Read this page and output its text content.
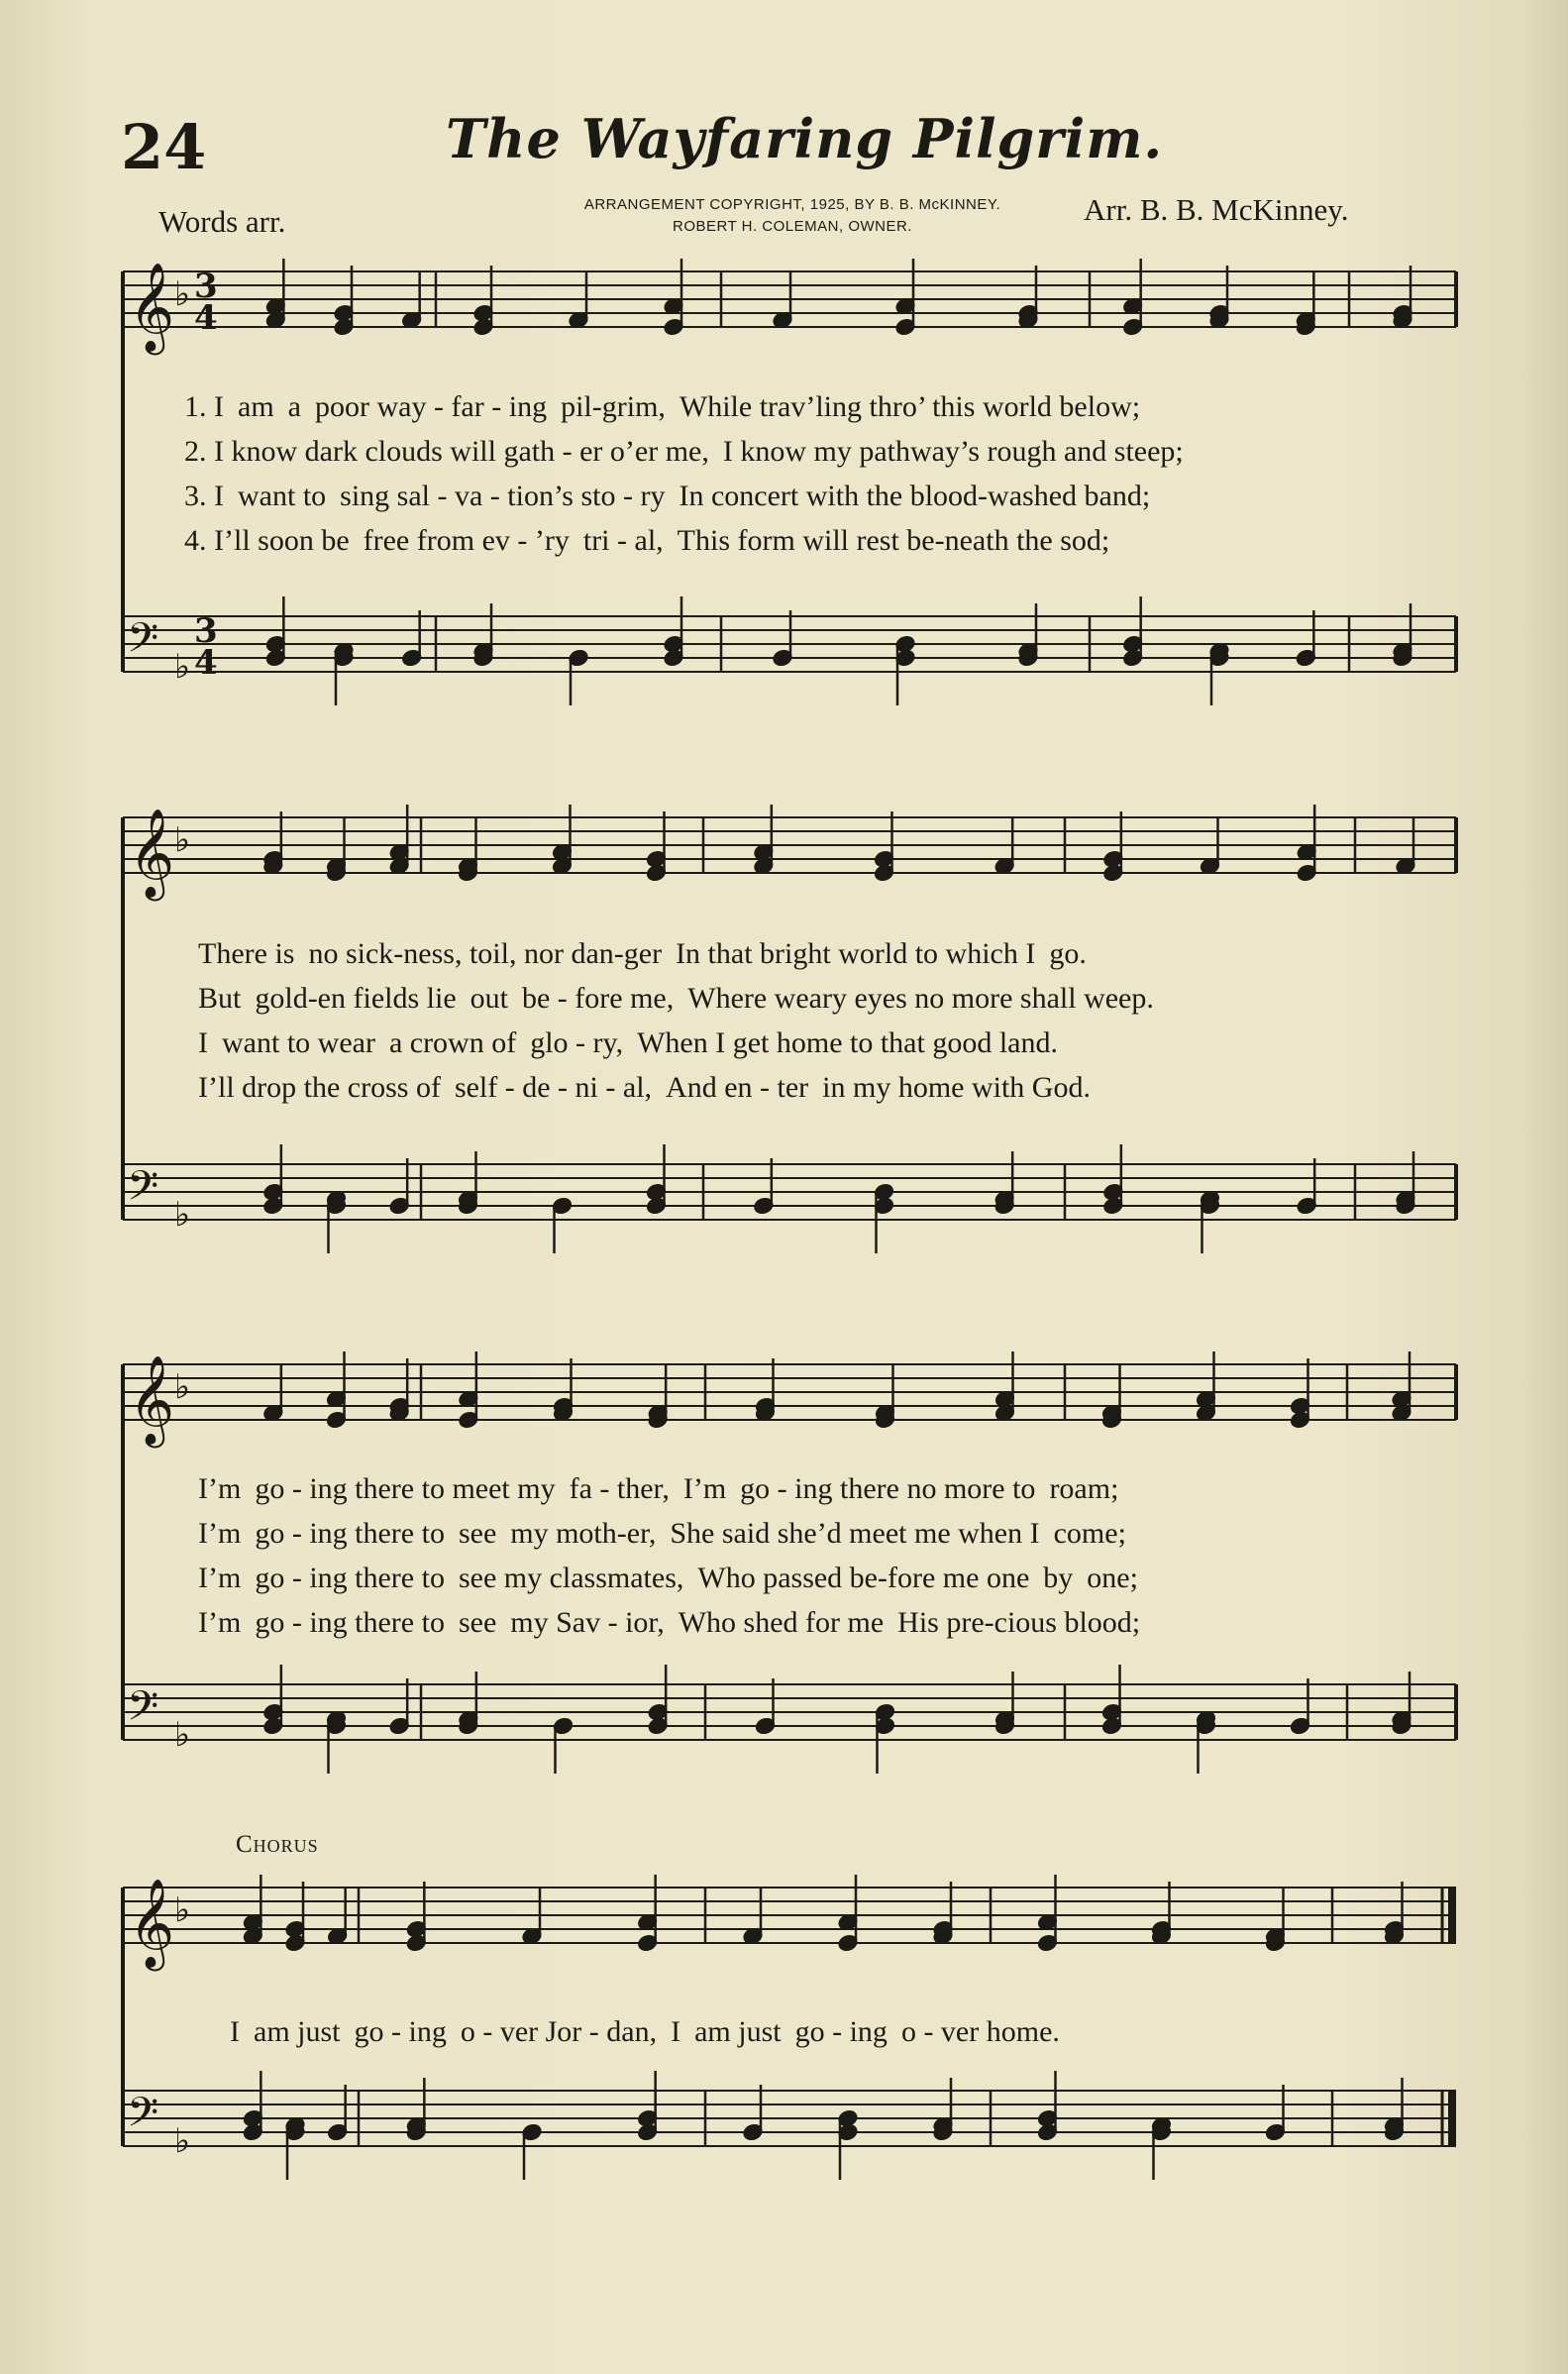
24	The Wayfaring Pilgrim.
Words arr.	ARRANGEMENT COPYRIGHT, 1925, BY B. B. McKINNEY.
ROBERT H. COLEMAN, OWNER.	Arr. B. B. McKinney.
Chorus
𝄞
𝄢
♭
♭
3
4
3
4
𝄞
𝄢
♭
♭
𝄞
𝄢
♭
♭
𝄞
𝄢
♭
♭
1. I am a poor way - far - ing pil-grim, While trav’ling thro’ this world below;
2. I know dark clouds will gath - er o’er me, I know my pathway’s rough and steep;
3. I want to sing sal - va - tion’s sto - ry In concert with the blood-washed band;
4. I’ll soon be free from ev - ’ry tri - al, This form will rest be-neath the sod;
There is no sick-ness, toil, nor dan-ger In that bright world to which I go.
But gold-en fields lie out be - fore me, Where weary eyes no more shall weep.
I want to wear a crown of glo - ry, When I get home to that good land.
I’ll drop the cross of self - de - ni - al, And en - ter in my home with God.
I’m go - ing there to meet my fa - ther, I’m go - ing there no more to roam;
I’m go - ing there to see my moth-er, She said she’d meet me when I come;
I’m go - ing there to see my classmates, Who passed be-fore me one by one;
I’m go - ing there to see my Sav - ior, Who shed for me His pre-cious blood;
I am just go - ing o - ver Jor - dan, I am just go - ing o - ver home.
